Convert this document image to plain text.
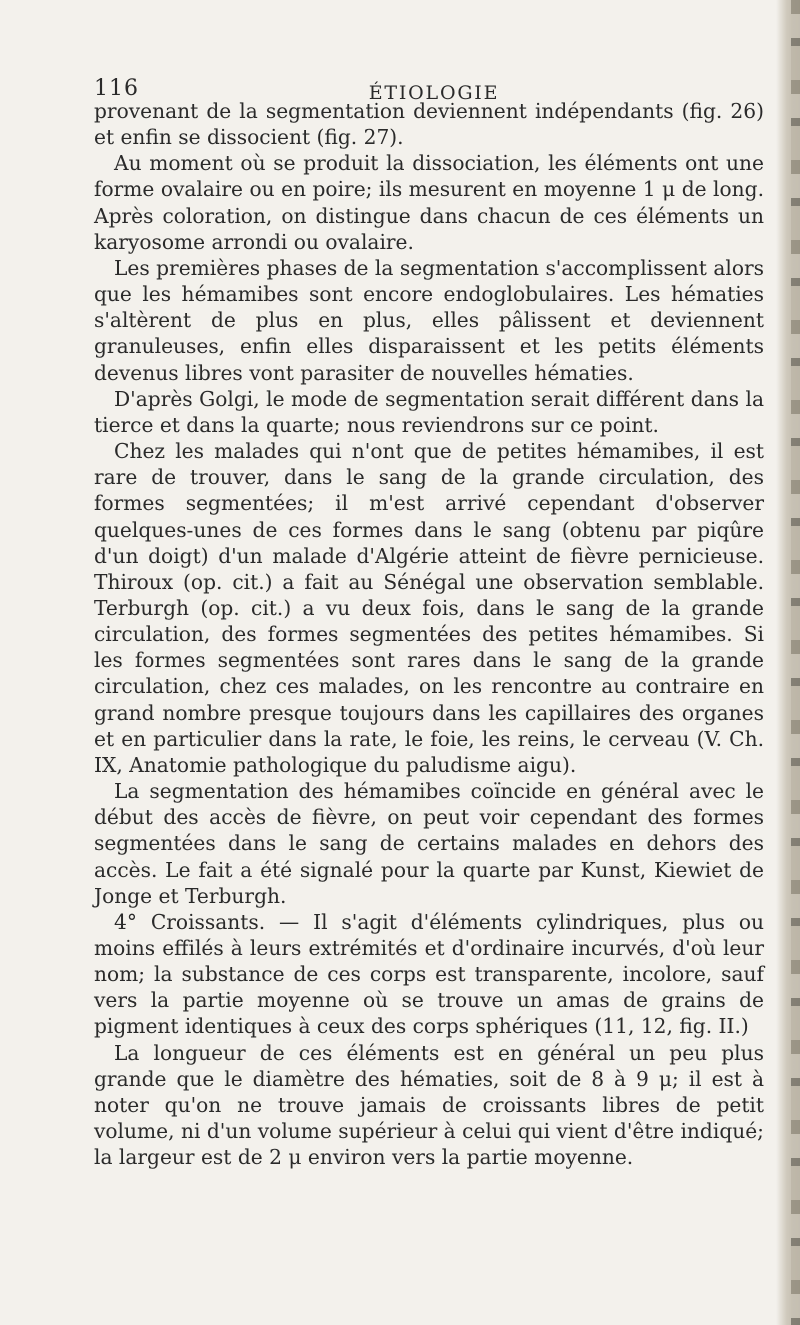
116	ÉTIOLOGIE

provenant de la segmentation deviennent indépendants (fig. 26) et enfin se dissocient (fig. 27).

Au moment où se produit la dissociation, les éléments ont une forme ovalaire ou en poire; ils mesurent en moyenne 1 μ de long. Après coloration, on distingue dans chacun de ces éléments un karyosome arrondi ou ovalaire.

Les premières phases de la segmentation s'accomplissent alors que les hémamibes sont encore endoglobulaires. Les hématies s'altèrent de plus en plus, elles pâlissent et deviennent granuleuses, enfin elles disparaissent et les petits éléments devenus libres vont parasiter de nouvelles hématies.

D'après Golgi, le mode de segmentation serait différent dans la tierce et dans la quarte; nous reviendrons sur ce point.

Chez les malades qui n'ont que de petites hémamibes, il est rare de trouver, dans le sang de la grande circulation, des formes segmentées; il m'est arrivé cependant d'observer quelques-unes de ces formes dans le sang (obtenu par piqûre d'un doigt) d'un malade d'Algérie atteint de fièvre pernicieuse. Thiroux (op. cit.) a fait au Sénégal une observation semblable. Terburgh (op. cit.) a vu deux fois, dans le sang de la grande circulation, des formes segmentées des petites hémamibes. Si les formes segmentées sont rares dans le sang de la grande circulation, chez ces malades, on les rencontre au contraire en grand nombre presque toujours dans les capillaires des organes et en particulier dans la rate, le foie, les reins, le cerveau (V. Ch. IX, Anatomie pathologique du paludisme aigu).

La segmentation des hémamibes coïncide en général avec le début des accès de fièvre, on peut voir cependant des formes segmentées dans le sang de certains malades en dehors des accès. Le fait a été signalé pour la quarte par Kunst, Kiewiet de Jonge et Terburgh.

4° Croissants. — Il s'agit d'éléments cylindriques, plus ou moins effilés à leurs extrémités et d'ordinaire incurvés, d'où leur nom; la substance de ces corps est transparente, incolore, sauf vers la partie moyenne où se trouve un amas de grains de pigment identiques à ceux des corps sphériques (11, 12, fig. II.)

La longueur de ces éléments est en général un peu plus grande que le diamètre des hématies, soit de 8 à 9 μ; il est à noter qu'on ne trouve jamais de croissants libres de petit volume, ni d'un volume supérieur à celui qui vient d'être indiqué; la largeur est de 2 μ environ vers la partie moyenne.
